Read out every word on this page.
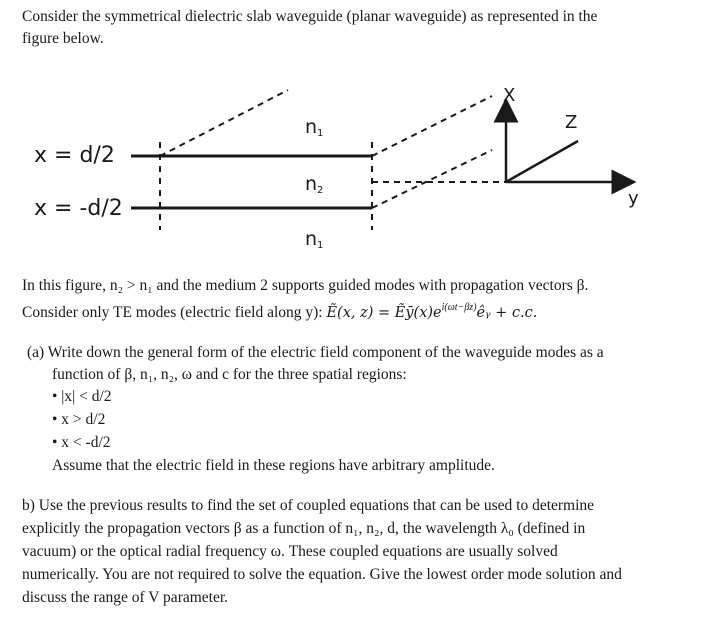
Consider the symmetrical dielectric slab waveguide (planar waveguide) as represented in the
figure below.
x = d/2
x = -d/2
$n_1$
$n_2$
$n_1$
X
Z
y
In this figure, n₂ > n₁ and the medium 2 supports guided modes with propagation vectors β.
Consider only TE modes (electric field along y): Ẽ(x, $z) = Ẽȳ(x)e^{i(\omega t-\beta z)}êᵧ + c.c$.
(a) Write down the general form of the electric field component of the waveguide modes as a
function of β, n₁, n₂, ω and c for the three spatial regions:
• |x| < d/2
• x > d/2
• x < -d/2
Assume that the electric field in these regions have arbitrary amplitude.
b) Use the previous results to find the set of coupled equations that can be used to determine
explicitly the propagation vectors β as a function of n₁, n₂, d, the wavelength λ₀ (defined in
vacuum) or the optical radial frequency ω. These coupled equations are usually solved
numerically. You are not required to solve the equation. Give the lowest order mode solution and
discuss the range of V parameter.
